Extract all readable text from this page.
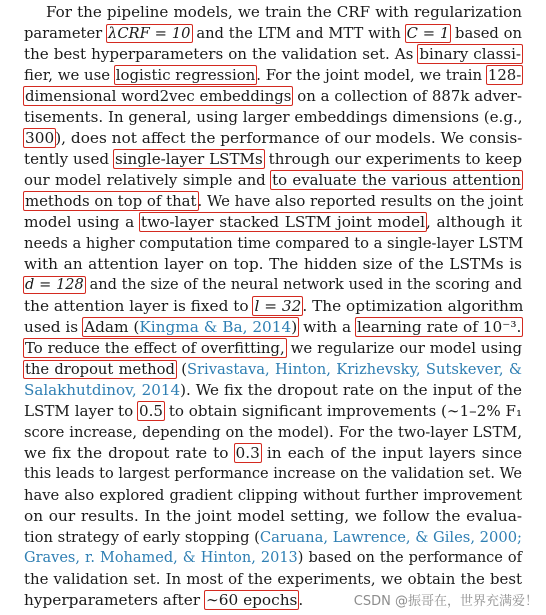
For the pipeline models, we train the CRF with regularization
parameter λCRF = 10 and the LTM and MTT with C = 1 based on
the best hyperparameters on the validation set. As binary classi-
fier, we use logistic regression. For the joint model, we train 128-
dimensional word2vec embeddings on a collection of 887k adver-
tisements. In general, using larger embeddings dimensions (e.g.,
300), does not affect the performance of our models. We consis-
tently used single-layer LSTMs through our experiments to keep
our model relatively simple and to evaluate the various attention
methods on top of that. We have also reported results on the joint
model using a two-layer stacked LSTM joint model, although it
needs a higher computation time compared to a single-layer LSTM
with an attention layer on top. The hidden size of the LSTMs is
d = 128 and the size of the neural network used in the scoring and
the attention layer is fixed to l = 32. The optimization algorithm
used is Adam (Kingma & Ba, 2014) with a learning rate of 10⁻³.
To reduce the effect of overfitting, we regularize our model using
the dropout method (Srivastava, Hinton, Krizhevsky, Sutskever, &
Salakhutdinov, 2014). We fix the dropout rate on the input of the
LSTM layer to 0.5 to obtain significant improvements (∼1–2% F₁
score increase, depending on the model). For the two-layer LSTM,
we fix the dropout rate to 0.3 in each of the input layers since
this leads to largest performance increase on the validation set. We
have also explored gradient clipping without further improvement
on our results. In the joint model setting, we follow the evalua-
tion strategy of early stopping (Caruana, Lawrence, & Giles, 2000;
Graves, r. Mohamed, & Hinton, 2013) based on the performance of
the validation set. In most of the experiments, we obtain the best
hyperparameters after ∼60 epochs.	CSDN @振哥在，世界充满爱！
